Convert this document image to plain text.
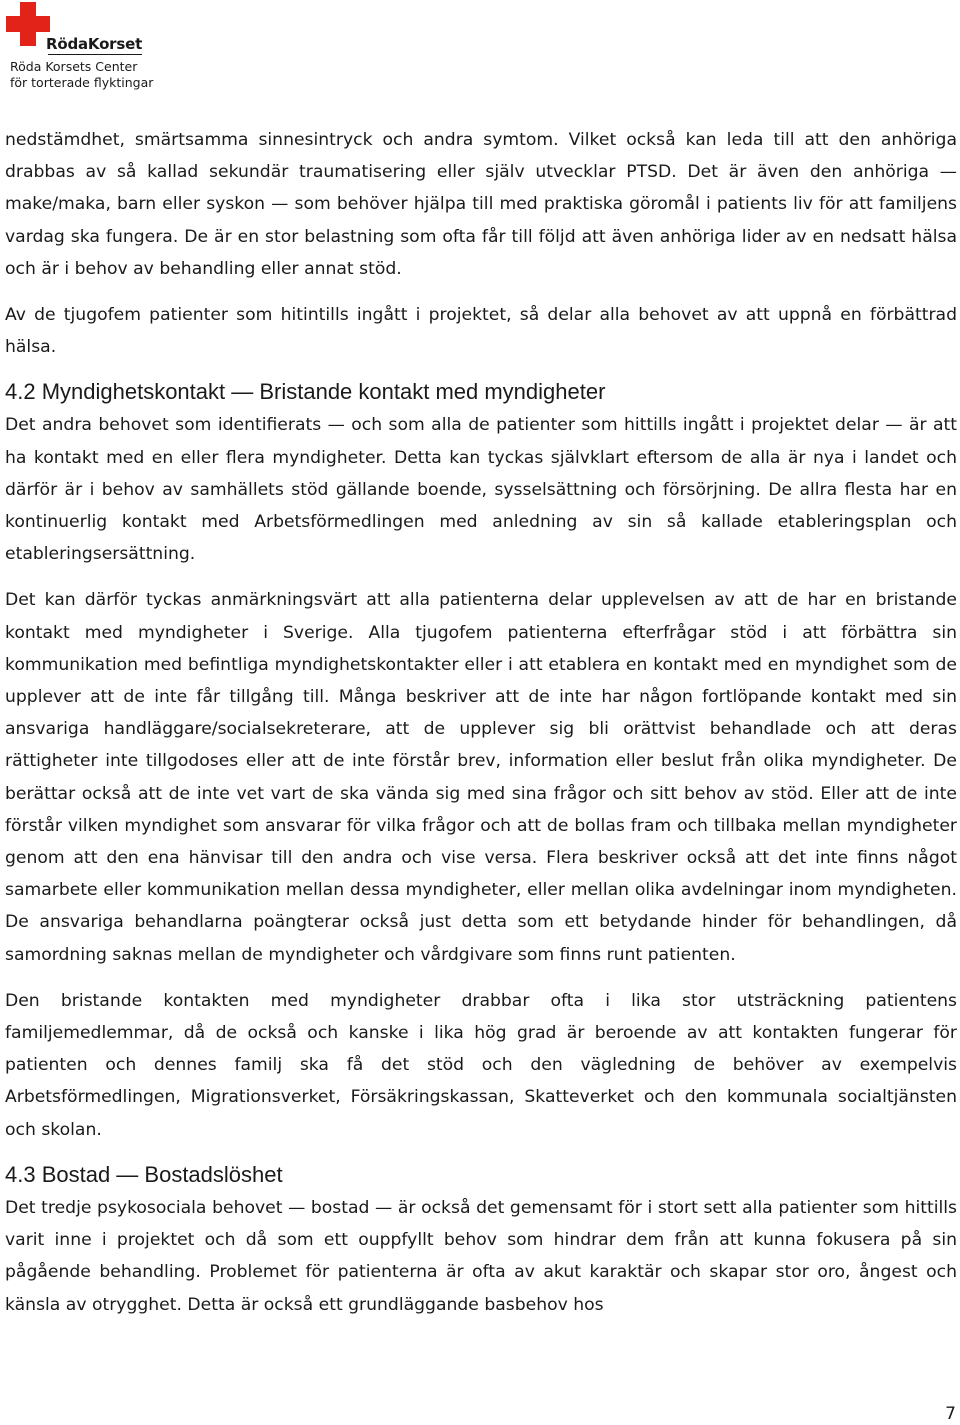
RödaKorset
Röda Korsets Center
för torterade flyktingar

nedstämdhet, smärtsamma sinnesintryck och andra symtom. Vilket också kan leda till att den anhöriga drabbas av så kallad sekundär traumatisering eller själv utvecklar PTSD. Det är även den anhöriga — make/maka, barn eller syskon — som behöver hjälpa till med praktiska göromål i patients liv för att familjens vardag ska fungera. De är en stor belastning som ofta får till följd att även anhöriga lider av en nedsatt hälsa och är i behov av behandling eller annat stöd.

Av de tjugofem patienter som hitintills ingått i projektet, så delar alla behovet av att uppnå en förbättrad hälsa.

4.2 Myndighetskontakt — Bristande kontakt med myndigheter

Det andra behovet som identifierats — och som alla de patienter som hittills ingått i projektet delar — är att ha kontakt med en eller flera myndigheter. Detta kan tyckas självklart eftersom de alla är nya i landet och därför är i behov av samhällets stöd gällande boende, sysselsättning och försörjning. De allra flesta har en kontinuerlig kontakt med Arbetsförmedlingen med anledning av sin så kallade etableringsplan och etableringsersättning.

Det kan därför tyckas anmärkningsvärt att alla patienterna delar upplevelsen av att de har en bristande kontakt med myndigheter i Sverige. Alla tjugofem patienterna efterfrågar stöd i att förbättra sin kommunikation med befintliga myndighetskontakter eller i att etablera en kontakt med en myndighet som de upplever att de inte får tillgång till. Många beskriver att de inte har någon fortlöpande kontakt med sin ansvariga handläggare/socialsekreterare, att de upplever sig bli orättvist behandlade och att deras rättigheter inte tillgodoses eller att de inte förstår brev, information eller beslut från olika myndigheter. De berättar också att de inte vet vart de ska vända sig med sina frågor och sitt behov av stöd. Eller att de inte förstår vilken myndighet som ansvarar för vilka frågor och att de bollas fram och tillbaka mellan myndigheter genom att den ena hänvisar till den andra och vise versa. Flera beskriver också att det inte finns något samarbete eller kommunikation mellan dessa myndigheter, eller mellan olika avdelningar inom myndigheten. De ansvariga behandlarna poängterar också just detta som ett betydande hinder för behandlingen, då samordning saknas mellan de myndigheter och vårdgivare som finns runt patienten.

Den bristande kontakten med myndigheter drabbar ofta i lika stor utsträckning patientens familjemedlemmar, då de också och kanske i lika hög grad är beroende av att kontakten fungerar för patienten och dennes familj ska få det stöd och den vägledning de behöver av exempelvis Arbetsförmedlingen, Migrationsverket, Försäkringskassan, Skatteverket och den kommunala socialtjänsten och skolan.

4.3 Bostad — Bostadslöshet

Det tredje psykosociala behovet — bostad — är också det gemensamt för i stort sett alla patienter som hittills varit inne i projektet och då som ett ouppfyllt behov som hindrar dem från att kunna fokusera på sin pågående behandling. Problemet för patienterna är ofta av akut karaktär och skapar stor oro, ångest och känsla av otrygghet. Detta är också ett grundläggande basbehov hos

7
